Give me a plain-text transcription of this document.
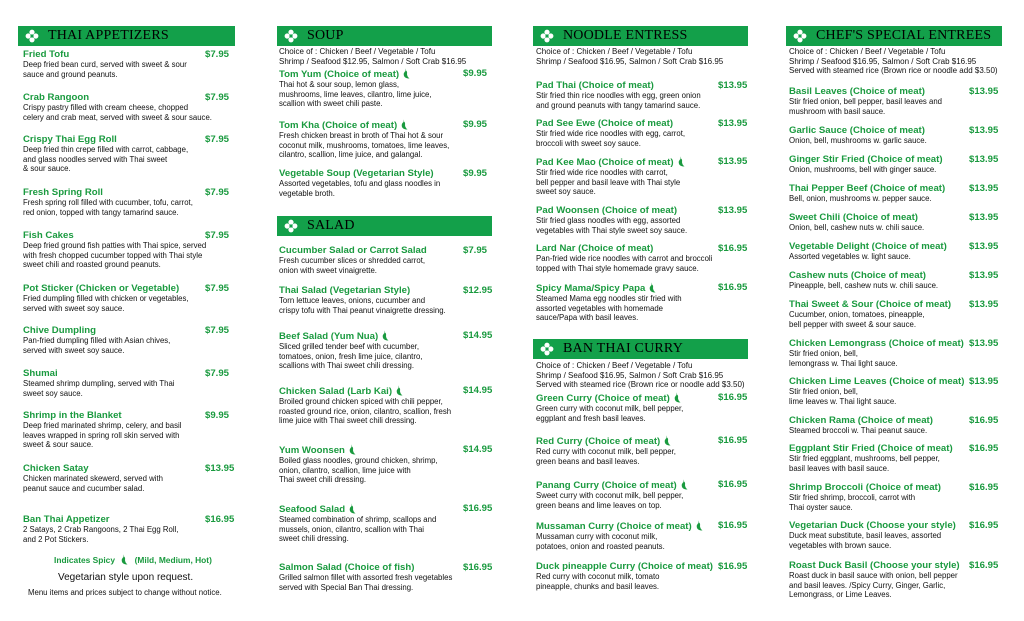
THAI APPETIZERS
Fried Tofu	$7.95
Deep fried bean curd, served with sweet & sour
sauce and ground peanuts.
Crab Rangoon	$7.95
Crispy pastry filled with cream cheese, chopped
celery and crab meat, served with sweet & sour sauce.
Crispy Thai Egg Roll	$7.95
Deep fried thin crepe filled with carrot, cabbage,
and glass noodles served with Thai sweet
& sour sauce.
Fresh Spring Roll	$7.95
Fresh spring roll filled with cucumber, tofu, carrot,
red onion, topped with tangy tamarind sauce.
Fish Cakes	$7.95
Deep fried ground fish patties with Thai spice, served
with fresh chopped cucumber topped with Thai style
sweet chili and roasted ground peanuts.
Pot Sticker (Chicken or Vegetable)	$7.95
Fried dumpling filled with chicken or vegetables,
served with sweet soy sauce.
Chive Dumpling	$7.95
Pan-fried dumpling filled with Asian chives,
served with sweet soy sauce.
Shumai	$7.95
Steamed shrimp dumpling, served with Thai
sweet soy sauce.
Shrimp in the Blanket	$9.95
Deep fried marinated shrimp, celery, and basil
leaves wrapped in spring roll skin served with
sweet & sour sauce.
Chicken Satay	$13.95
Chicken marinated skewerd, served with
peanut sauce and cucumber salad.
Ban Thai Appetizer	$16.95
2 Satays, 2 Crab Rangoons, 2 Thai Egg Roll,
and 2 Pot Stickers.
SOUP
Choice of : Chicken / Beef / Vegetable / Tofu
Shrimp / Seafood $12.95, Salmon / Soft Crab $16.95
Tom Yum (Choice of meat)	$9.95
Thai hot & sour soup, lemon glass,
mushrooms, lime leaves, cilantro, lime juice,
scallion with sweet chili paste.
Tom Kha (Choice of meat)	$9.95
Fresh chicken breast in broth of Thai hot & sour
coconut milk, mushrooms, tomatoes, lime leaves,
cilantro, scallion, lime juice, and galangal.
Vegetable Soup (Vegetarian Style)	$9.95
Assorted vegetables, tofu and glass noodles in
vegetable broth.
SALAD
Cucumber Salad or Carrot Salad	$7.95
Fresh cucumber slices or shredded carrot,
onion with sweet vinaigrette.
Thai Salad (Vegetarian Style)	$12.95
Torn lettuce leaves, onions, cucumber and
crispy tofu with Thai peanut vinaigrette dressing.
Beef Salad (Yum Nua)	$14.95
Sliced grilled tender beef with cucumber,
tomatoes, onion, fresh lime juice, cilantro,
scallions with Thai sweet chili dressing.
Chicken Salad (Larb Kai)	$14.95
Broiled ground chicken spiced with chili pepper,
roasted ground rice, onion, cilantro, scallion, fresh
lime juice with Thai sweet chili dressing.
Yum Woonsen	$14.95
Boiled glass noodles, ground chicken, shrimp,
onion, cilantro, scallion, lime juice with
Thai sweet chili dressing.
Seafood Salad	$16.95
Steamed combination of shrimp, scallops and
mussels, onion, cilantro, scallion with Thai
sweet chili dressing.
Salmon Salad (Choice of fish)	$16.95
Grilled salmon fillet with assorted fresh vegetables
served with Special Ban Thai dressing.
NOODLE ENTRESS
Choice of : Chicken / Beef / Vegetable / Tofu
Shrimp / Seafood $16.95, Salmon / Soft Crab $16.95
Pad Thai (Choice of meat)	$13.95
Stir fried thin rice noodles with egg, green onion
and ground peanuts with tangy tamarind sauce.
Pad See Ewe (Choice of meat)	$13.95
Stir fried wide rice noodles with egg, carrot,
broccoli with sweet soy sauce.
Pad Kee Mao (Choice of meat)	$13.95
Stir fried wide rice noodles with carrot,
bell pepper and basil leave with Thai style
sweet soy sauce.
Pad Woonsen (Choice of meat)	$13.95
Stir fried glass noodles with egg, assorted
vegetables with Thai style sweet soy sauce.
Lard Nar (Choice of meat)	$16.95
Pan-fried wide rice noodles with carrot and broccoli
topped with Thai style homemade gravy sauce.
Spicy Mama/Spicy Papa	$16.95
Steamed Mama egg noodles stir fried with
assorted vegetables with homemade
sauce/Papa with basil leaves.
BAN THAI CURRY
Choice of : Chicken / Beef / Vegetable / Tofu
Shrimp / Seafood $16.95, Salmon / Soft Crab $16.95
Served with steamed rice (Brown rice or noodle add $3.50)
Green Curry (Choice of meat)	$16.95
Green curry with coconut milk, bell pepper,
eggplant and fresh basil leaves.
Red Curry (Choice of meat)	$16.95
Red curry with coconut milk, bell pepper,
green beans and basil leaves.
Panang Curry (Choice of meat)	$16.95
Sweet curry with coconut milk, bell pepper,
green beans and lime leaves on top.
Mussaman Curry (Choice of meat)	$16.95
Mussaman curry with coconut milk,
potatoes, onion and roasted peanuts.
Duck pineapple Curry (Choice of meat) $16.95
Red curry with coconut milk, tomato
pineapple, chunks and basil leaves.
CHEF'S SPECIAL ENTREES
Choice of : Chicken / Beef / Vegetable / Tofu
Shrimp / Seafood $16.95, Salmon / Soft Crab $16.95
Served with steamed rice (Brown rice or noodle add $3.50)
Basil Leaves (Choice of meat)	$13.95
Stir fried onion, bell pepper, basil leaves and
mushroom with basil sauce.
Garlic Sauce (Choice of meat)	$13.95
Onion, bell, mushrooms w. garlic sauce.
Ginger Stir Fried (Choice of meat)	$13.95
Onion, mushrooms, bell with ginger sauce.
Thai Pepper Beef (Choice of meat)	$13.95
Bell, onion, mushrooms w. pepper sauce.
Sweet Chili (Choice of meat)	$13.95
Onion, bell, cashew nuts w. chili sauce.
Vegetable Delight (Choice of meat)	$13.95
Assorted vegetables w. light sauce.
Cashew nuts (Choice of meat)	$13.95
Pineapple, bell, cashew nuts w. chili sauce.
Thai Sweet & Sour (Choice of meat)	$13.95
Cucumber, onion, tomatoes, pineapple,
bell pepper with sweet & sour sauce.
Chicken Lemongrass (Choice of meat) $13.95
Stir fried onion, bell,
lemongrass w. Thai light sauce.
Chicken Lime Leaves (Choice of meat) $13.95
Stir fried onion, bell,
lime leaves w. Thai light sauce.
Chicken Rama (Choice of meat)	$16.95
Steamed broccoli w. Thai peanut sauce.
Eggplant Stir Fried (Choice of meat)	$16.95
Stir fried eggplant, mushrooms, bell pepper,
basil leaves with basil sauce.
Shrimp Broccoli (Choice of meat)	$16.95
Stir fried shrimp, broccoli, carrot with
Thai oyster sauce.
Vegetarian Duck (Choose your style)	$16.95
Duck meat substitute, basil leaves, assorted
vegetables with brown sauce.
Roast Duck Basil (Choose your style) $16.95
Roast duck in basil sauce with onion, bell pepper
and basil leaves. /Spicy Curry, Ginger, Garlic,
Lemongrass, or Lime Leaves.
Indicates Spicy (Mild, Medium, Hot)
Vegetarian style upon request.
Menu items and prices subject to change without notice.
